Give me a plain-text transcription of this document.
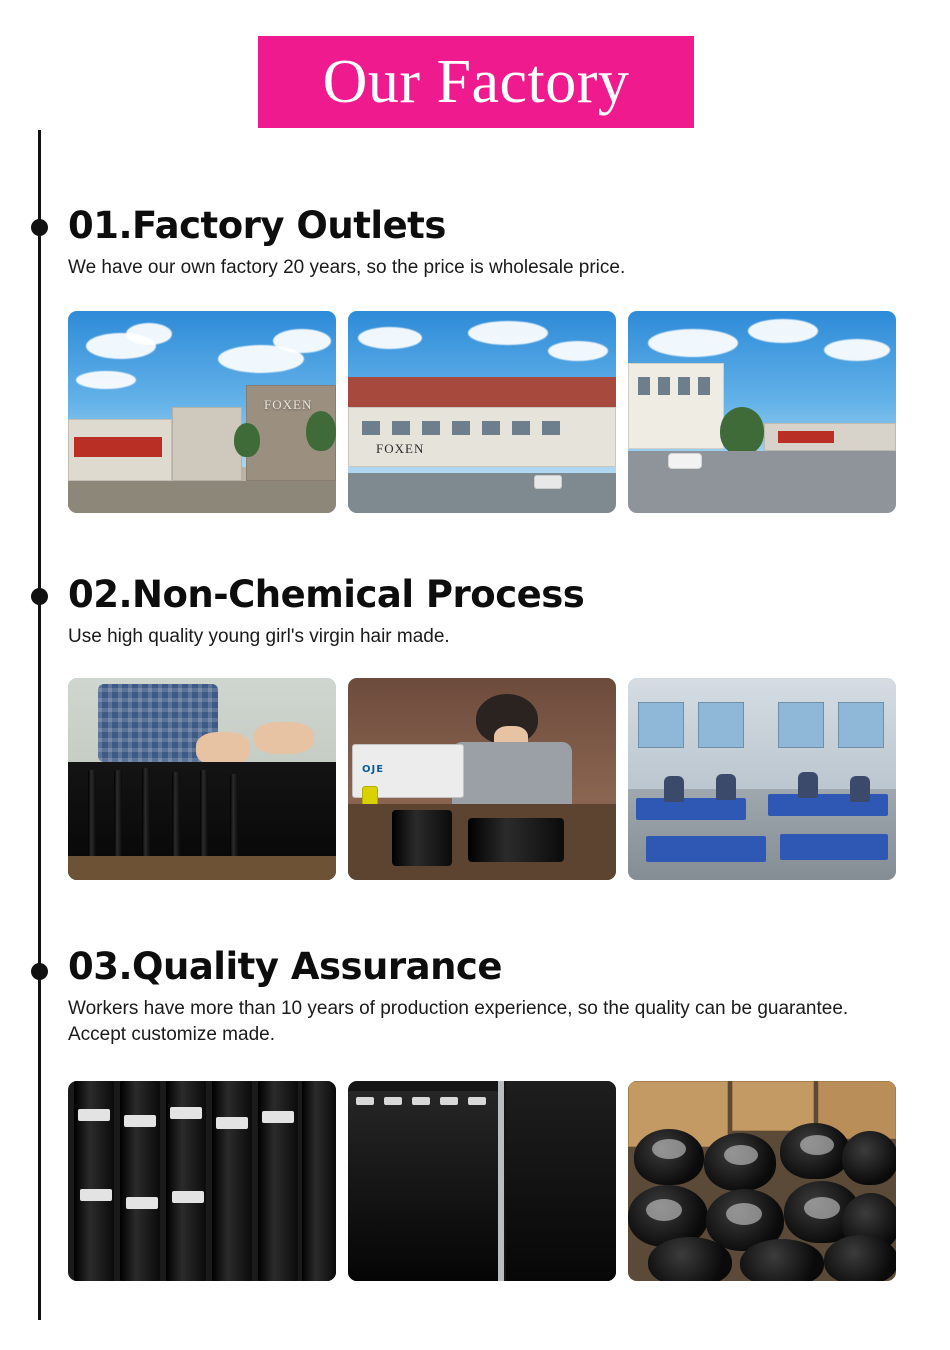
Our Factory
01.Factory Outlets

We have our own factory 20 years, so the price is wholesale price.

FOXEN
FOXEN
02.Non-Chemical Process

Use high quality young girl's virgin hair made.

OJE
03.Quality Assurance

Workers have more than 10 years of production experience, so the quality can be guarantee. Accept customize made.
